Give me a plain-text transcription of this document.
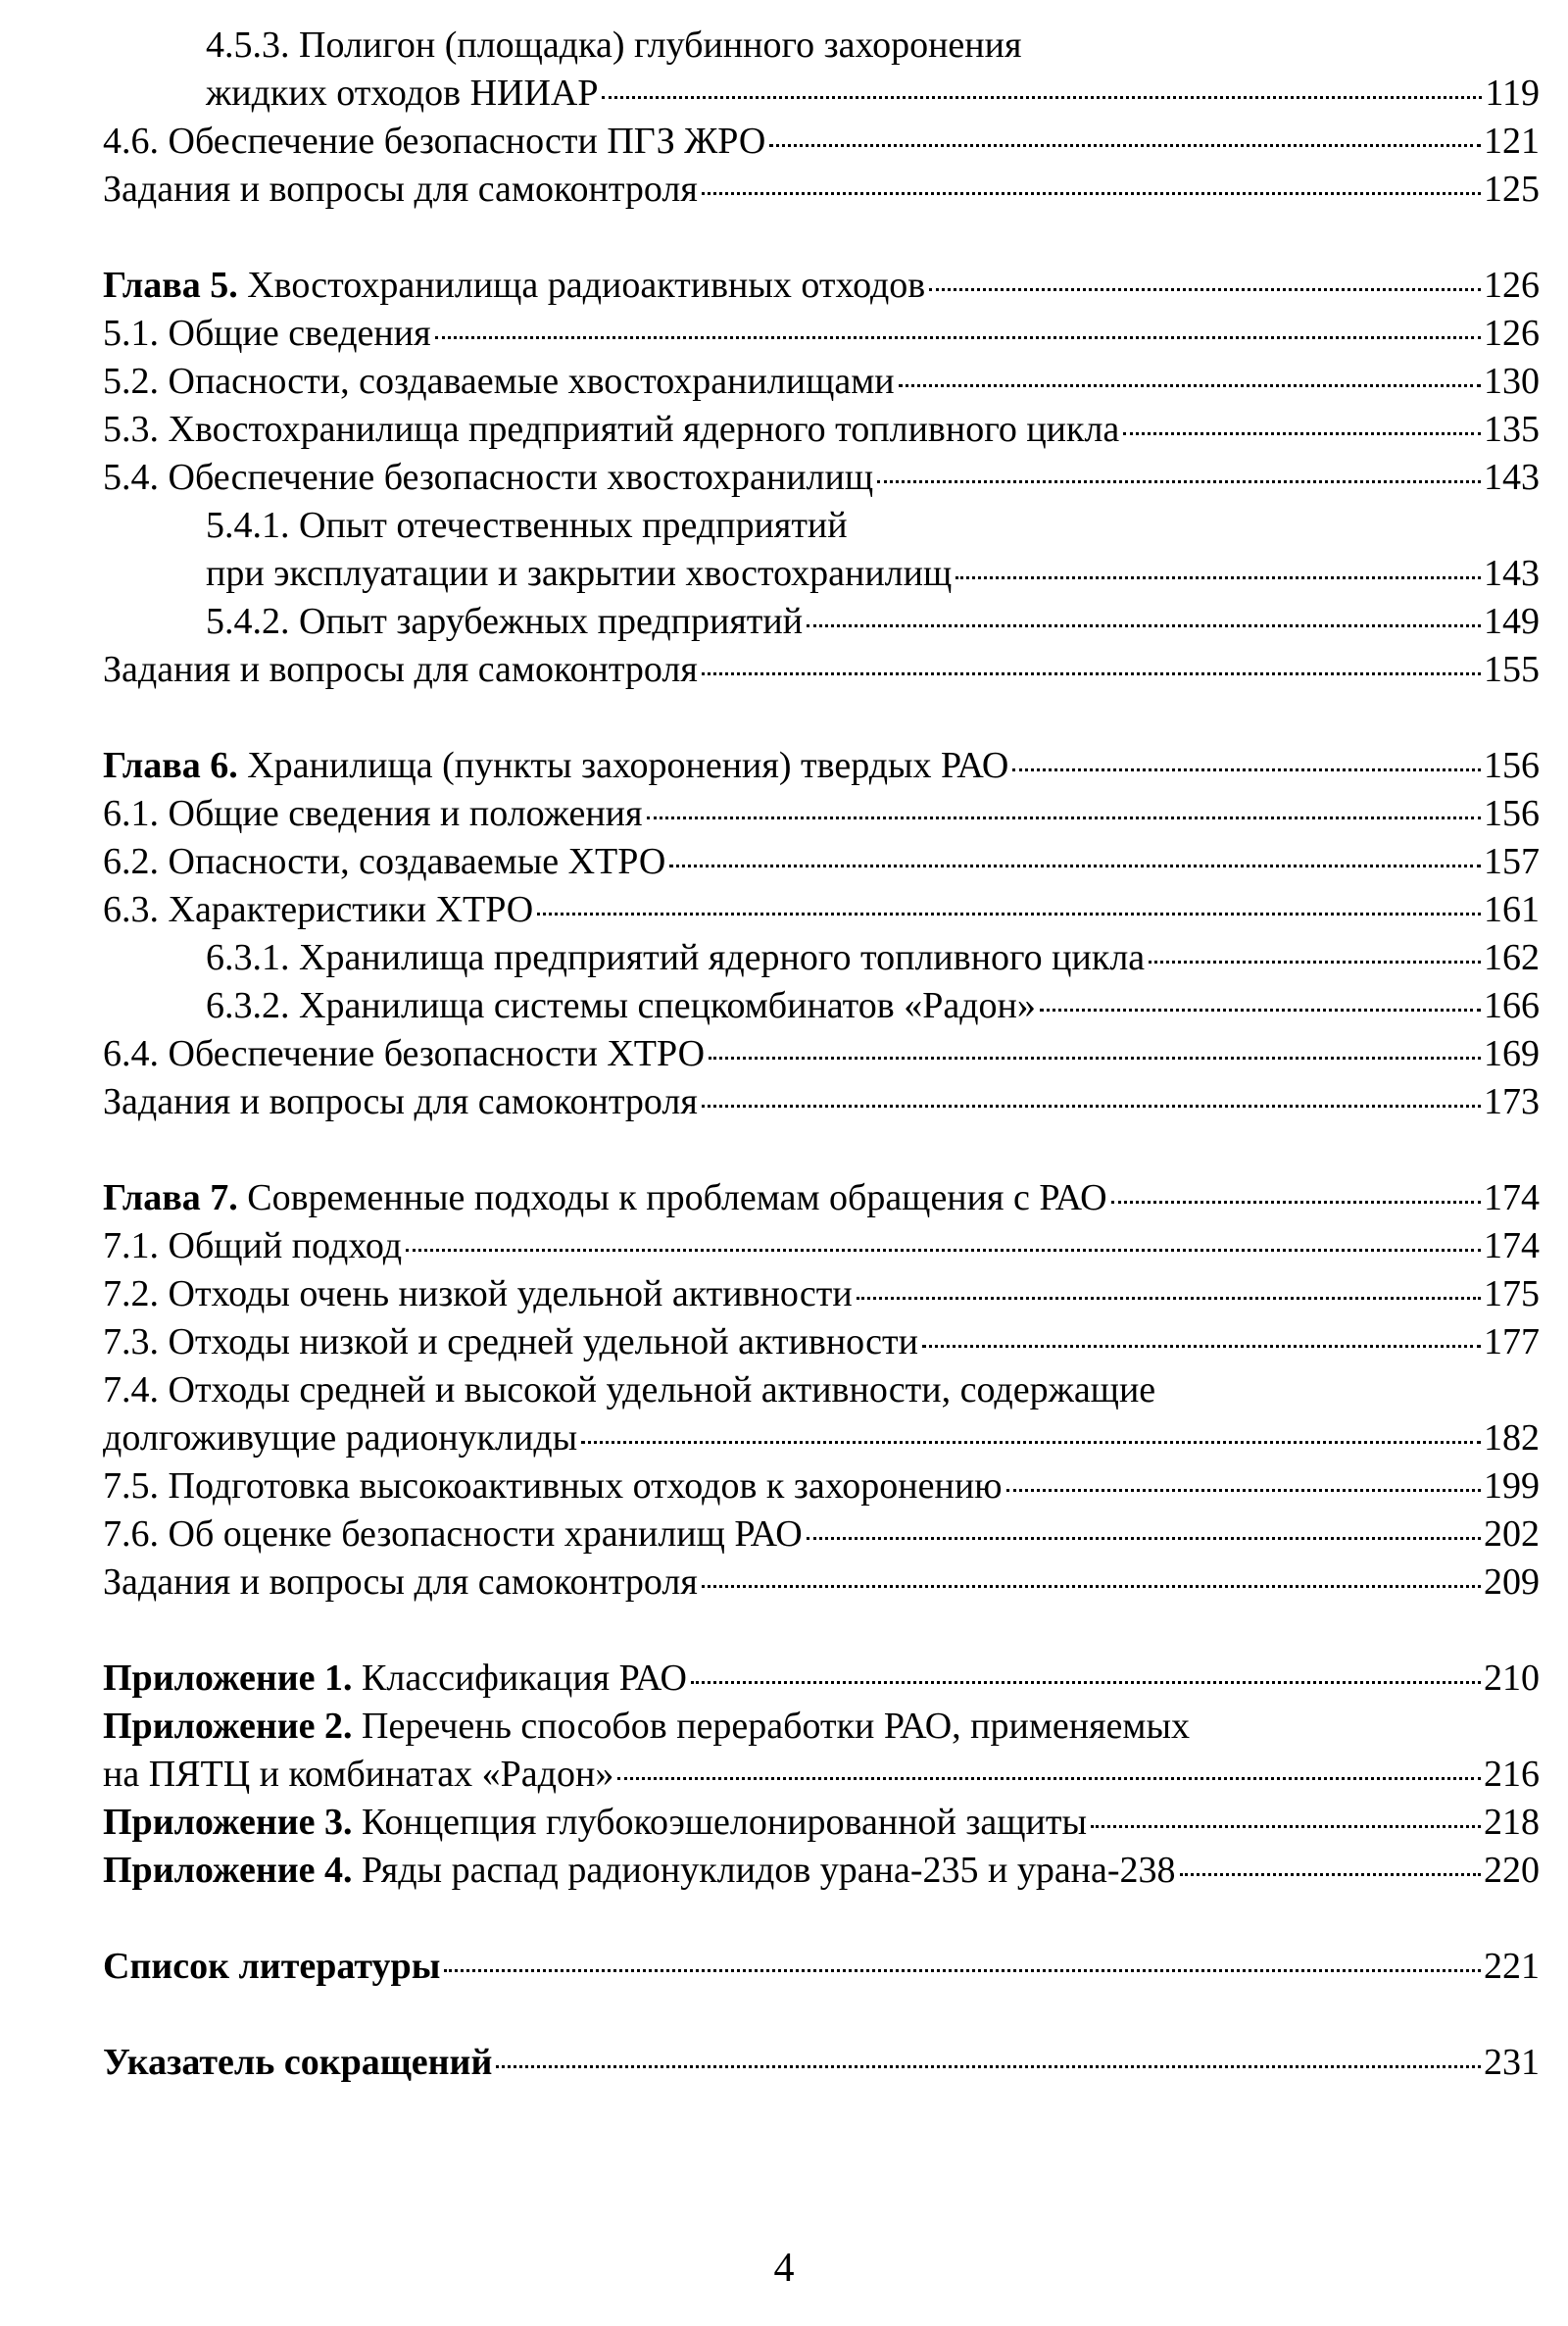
4.5.3. Полигон (площадка) глубинного захоронения
жидких отходов НИИАР	119
4.6. Обеспечение безопасности ПГЗ ЖРО	121
Задания и вопросы для самоконтроля	125
Глава 5. Хвостохранилища радиоактивных отходов	126
5.1. Общие сведения	126
5.2. Опасности, создаваемые хвостохранилищами	130
5.3. Хвостохранилища предприятий ядерного топливного цикла	135
5.4. Обеспечение безопасности хвостохранилищ	143
5.4.1. Опыт отечественных предприятий
при эксплуатации и закрытии хвостохранилищ	143
5.4.2. Опыт зарубежных предприятий	149
Задания и вопросы для самоконтроля	155
Глава 6. Хранилища (пункты захоронения) твердых РАО	156
6.1. Общие сведения и положения	156
6.2. Опасности, создаваемые ХТРО	157
6.3. Характеристики ХТРО	161
6.3.1. Хранилища предприятий ядерного топливного цикла	162
6.3.2. Хранилища системы спецкомбинатов «Радон»	166
6.4. Обеспечение безопасности ХТРО	169
Задания и вопросы для самоконтроля	173
Глава 7. Современные подходы к проблемам обращения с РАО	174
7.1. Общий подход	174
7.2. Отходы очень низкой удельной активности	175
7.3. Отходы низкой и средней удельной активности	177
7.4. Отходы средней и высокой удельной активности, содержащие
долгоживущие радионуклиды	182
7.5. Подготовка высокоактивных отходов к захоронению	199
7.6. Об оценке безопасности хранилищ РАО	202
Задания и вопросы для самоконтроля	209
Приложение 1. Классификация РАО	210
Приложение 2. Перечень способов переработки РАО, применяемых
на ПЯТЦ и комбинатах «Радон»	216
Приложение 3. Концепция глубокоэшелонированной защиты	218
Приложение 4. Ряды распад радионуклидов урана-235 и урана-238	220
Список литературы	221
Указатель сокращений	231
4
